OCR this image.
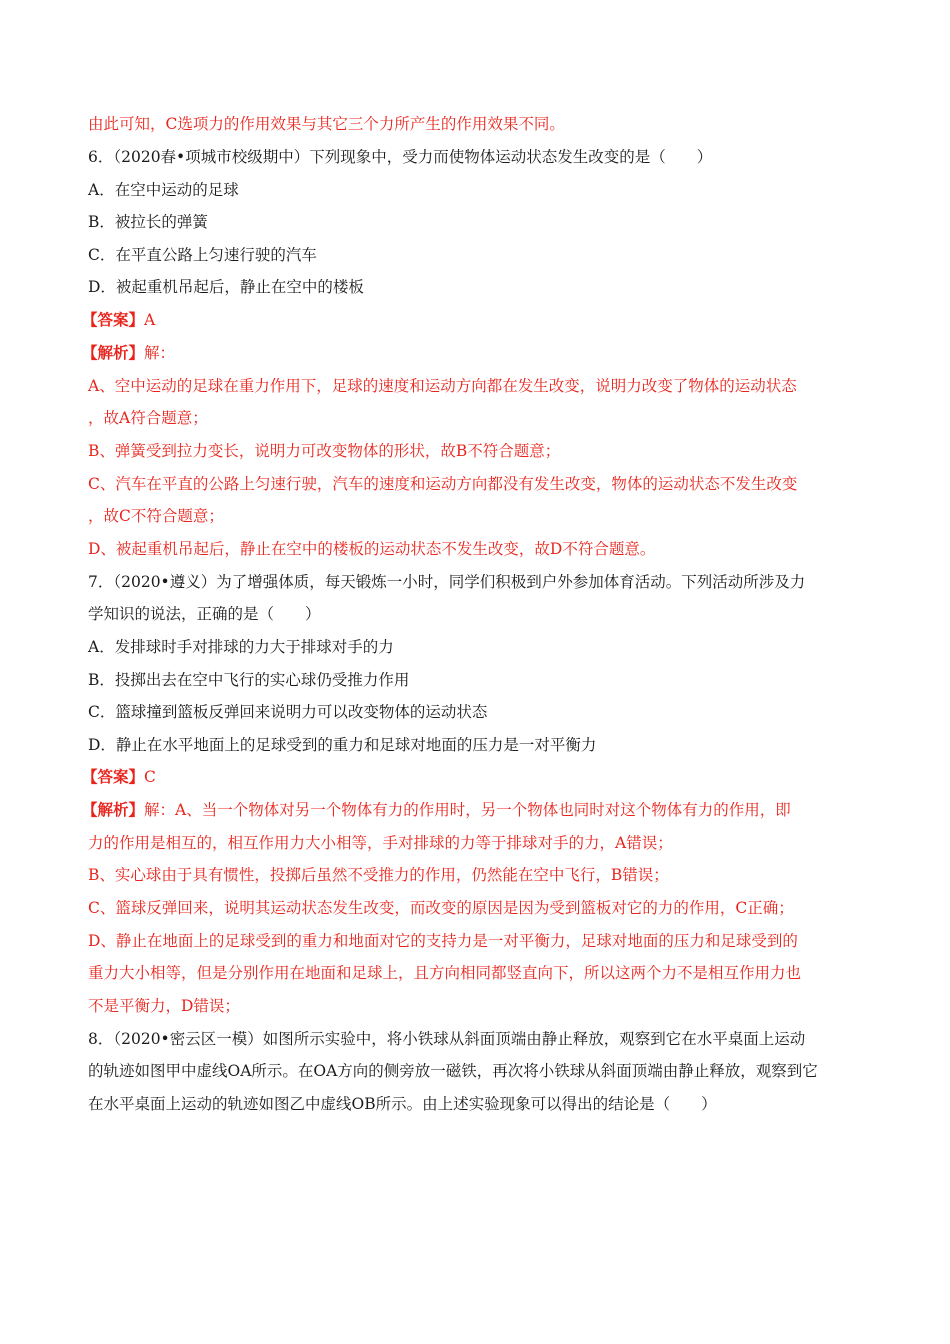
由此可知，C选项力的作用效果与其它三个力所产生的作用效果不同。
6．（2020春•项城市校级期中）下列现象中，受力而使物体运动状态发生改变的是（　　）
A．在空中运动的足球
B．被拉长的弹簧
C．在平直公路上匀速行驶的汽车
D．被起重机吊起后，静止在空中的楼板
【答案】A
【解析】解：
A、空中运动的足球在重力作用下，足球的速度和运动方向都在发生改变，说明力改变了物体的运动状态
，故A符合题意；
B、弹簧受到拉力变长，说明力可改变物体的形状，故B不符合题意；
C、汽车在平直的公路上匀速行驶，汽车的速度和运动方向都没有发生改变，物体的运动状态不发生改变
，故C不符合题意；
D、被起重机吊起后，静止在空中的楼板的运动状态不发生改变，故D不符合题意。
7．（2020•遵义）为了增强体质，每天锻炼一小时，同学们积极到户外参加体育活动。下列活动所涉及力
学知识的说法，正确的是（　　）
A．发排球时手对排球的力大于排球对手的力
B．投掷出去在空中飞行的实心球仍受推力作用
C．篮球撞到篮板反弹回来说明力可以改变物体的运动状态
D．静止在水平地面上的足球受到的重力和足球对地面的压力是一对平衡力
【答案】C
【解析】解：A、当一个物体对另一个物体有力的作用时，另一个物体也同时对这个物体有力的作用，即
力的作用是相互的，相互作用力大小相等，手对排球的力等于排球对手的力，A错误；
B、实心球由于具有惯性，投掷后虽然不受推力的作用，仍然能在空中飞行，B错误；
C、篮球反弹回来，说明其运动状态发生改变，而改变的原因是因为受到篮板对它的力的作用，C正确；
D、静止在地面上的足球受到的重力和地面对它的支持力是一对平衡力，足球对地面的压力和足球受到的
重力大小相等，但是分别作用在地面和足球上，且方向相同都竖直向下，所以这两个力不是相互作用力也
不是平衡力，D错误；
8．（2020•密云区一模）如图所示实验中，将小铁球从斜面顶端由静止释放，观察到它在水平桌面上运动
的轨迹如图甲中虚线OA所示。在OA方向的侧旁放一磁铁，再次将小铁球从斜面顶端由静止释放，观察到它
在水平桌面上运动的轨迹如图乙中虚线OB所示。由上述实验现象可以得出的结论是（　　）
